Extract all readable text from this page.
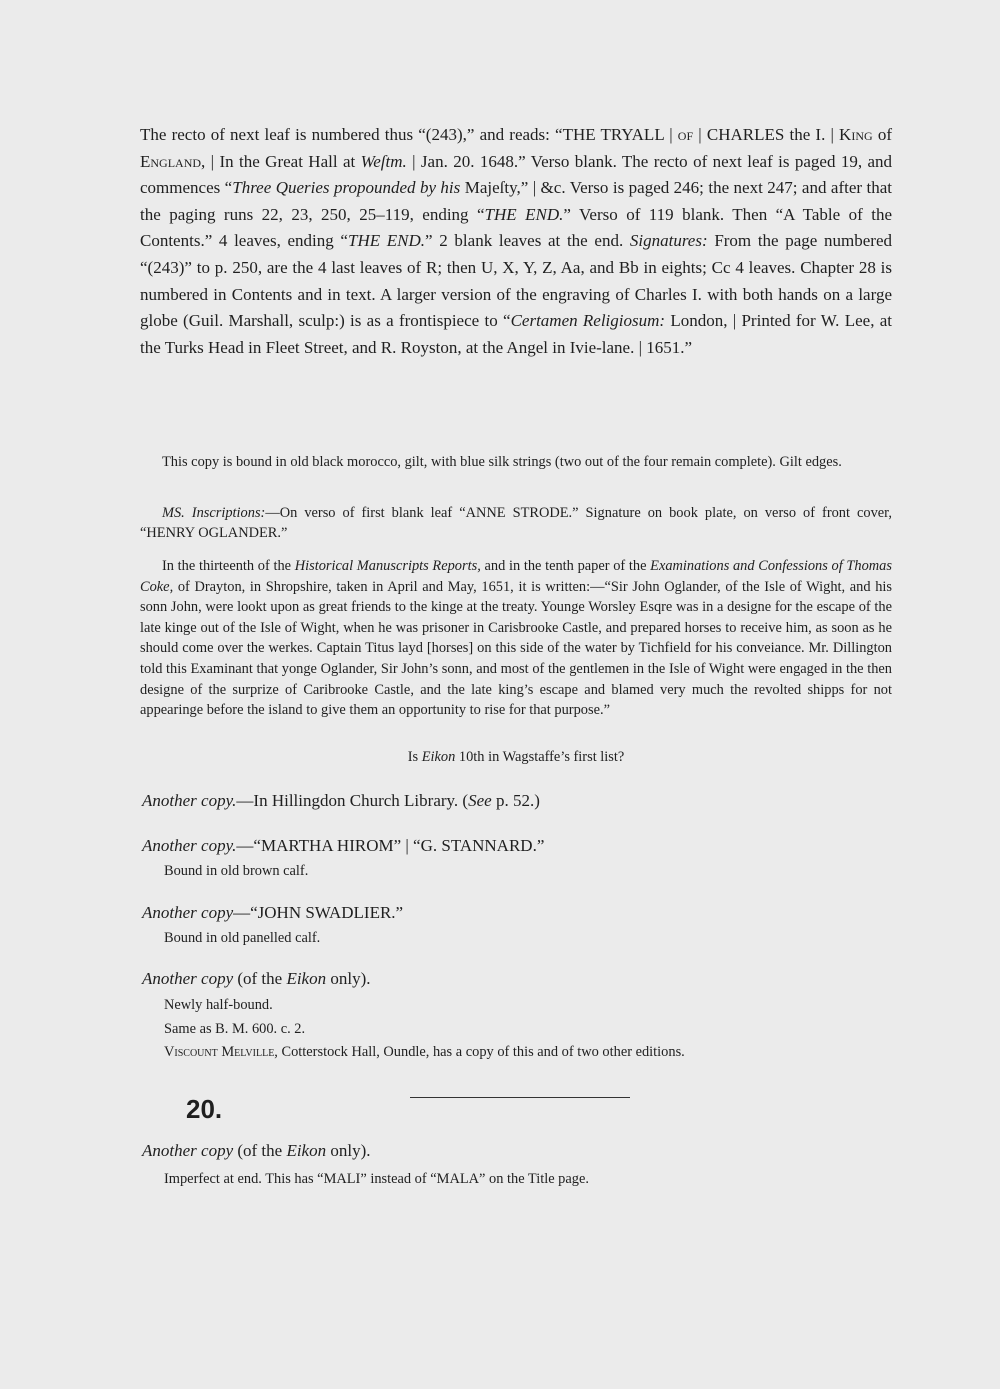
The recto of next leaf is numbered thus “(243),” and reads: “THE TRYALL | of | CHARLES the I. | King of England, | In the Great Hall at Weſtm. | Jan. 20. 1648.” Verso blank. The recto of next leaf is paged 19, and commences “Three Queries propounded by his Majeſty,” | &c. Verso is paged 246; the next 247; and after that the paging runs 22, 23, 250, 25–119, ending “THE END.” Verso of 119 blank. Then “A Table of the Contents.” 4 leaves, ending “THE END.” 2 blank leaves at the end. Signatures: From the page numbered “(243)” to p. 250, are the 4 last leaves of R; then U, X, Y, Z, Aa, and Bb in eights; Cc 4 leaves. Chapter 28 is numbered in Contents and in text. A larger version of the engraving of Charles I. with both hands on a large globe (Guil. Marshall, sculp:) is as a frontispiece to “Certamen Religiosum: London, | Printed for W. Lee, at the Turks Head in Fleet Street, and R. Royston, at the Angel in Ivie-lane. | 1651.”

This copy is bound in old black morocco, gilt, with blue silk strings (two out of the four remain complete). Gilt edges.

MS. Inscriptions:—On verso of first blank leaf “ANNE STRODE.” Signature on book plate, on verso of front cover, “HENRY OGLANDER.”

In the thirteenth of the Historical Manuscripts Reports, and in the tenth paper of the Examinations and Confessions of Thomas Coke, of Drayton, in Shropshire, taken in April and May, 1651, it is written:—“Sir John Oglander, of the Isle of Wight, and his sonn John, were lookt upon as great friends to the kinge at the treaty. Younge Worsley Esqre was in a designe for the escape of the late kinge out of the Isle of Wight, when he was prisoner in Carisbrooke Castle, and prepared horses to receive him, as soon as he should come over the werkes. Captain Titus layd [horses] on this side of the water by Tichfield for his conveiance. Mr. Dillington told this Examinant that yonge Oglander, Sir John’s sonn, and most of the gentlemen in the Isle of Wight were engaged in the then designe of the surprize of Caribrooke Castle, and the late king’s escape and blamed very much the revolted shipps for not appearinge before the island to give them an opportunity to rise for that purpose.”

Is Eikon 10th in Wagstaffe’s first list?

Another copy.—In Hillingdon Church Library. (See p. 52.)
Another copy.—“MARTHA HIROM” | “G. STANNARD.”
Bound in old brown calf.
Another copy—“JOHN SWADLIER.”
Bound in old panelled calf.
Another copy (of the Eikon only).
Newly half-bound.
Same as B. M. 600. c. 2.
Viscount Melville, Cotterstock Hall, Oundle, has a copy of this and of two other editions.
20.
Another copy (of the Eikon only).
Imperfect at end. This has “MALI” instead of “MALA” on the Title page.
